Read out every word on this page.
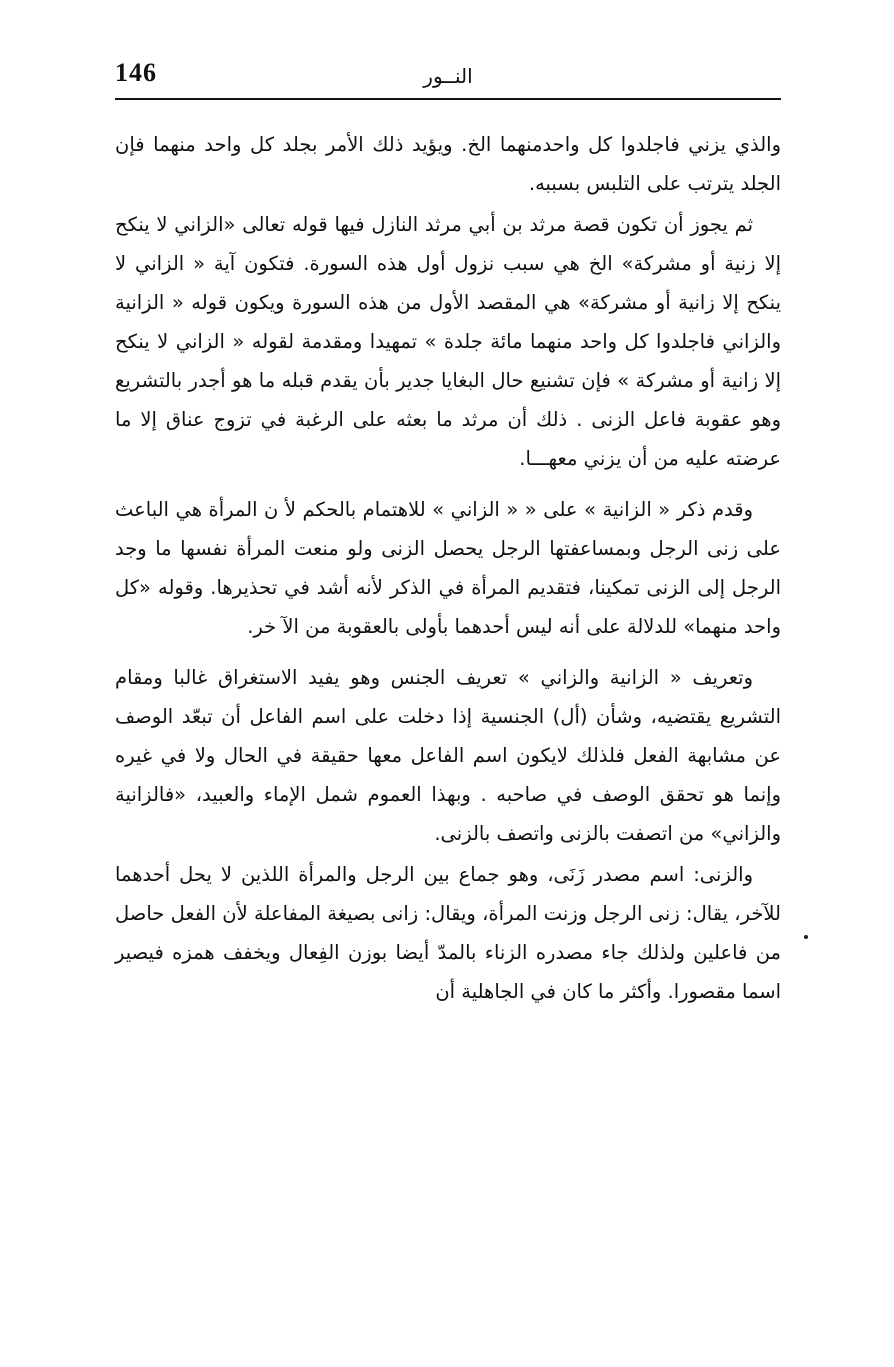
النــور
146

والذي يزني فاجلدوا كل واحدمنهما الخ. ويؤيد ذلك الأمر بجلد كل واحد منهما فإن الجلد يترتب على التلبس بسببه.

ثم يجوز أن تكون قصة مرثد بن أبي مرثد النازل فيها قوله تعالى «الزاني لا ينكح إلا زنية أو مشركة» الخ هي سبب نزول أول هذه السورة. فتكون آية « الزاني لا ينكح إلا زانية أو مشركة» هي المقصد الأول من هذه السورة ويكون قوله « الزانية والزاني فاجلدوا كل واحد منهما مائة جلدة » تمهيدا ومقدمة لقوله « الزاني لا ينكح إلا زانية أو مشركة » فإن تشنيع حال البغايا جدير بأن يقدم قبله ما هو أجدر بالتشريع وهو عقوبة فاعل الزنى . ذلك أن مرثد ما بعثه على الرغبة في تزوج عناق إلا ما عرضته عليه من أن يزني معهـــا.

وقدم ذكر « الزانية » على « « الزاني » للاهتمام بالحكم لأ ن المرأة هي الباعث على زنى الرجل وبمساعفتها الرجل يحصل الزنى ولو منعت المرأة نفسها ما وجد الرجل إلى الزنى تمكينا، فتقديم المرأة في الذكر لأنه أشد في تحذيرها. وقوله «كل واحد منهما» للدلالة على أنه ليس أحدهما بأولى بالعقوبة من الآ خر.

وتعريف « الزانية والزاني » تعريف الجنس وهو يفيد الاستغراق غالبا ومقام التشريع يقتضيه، وشأن (أل) الجنسية إذا دخلت على اسم الفاعل أن تبعّد الوصف عن مشابهة الفعل فلذلك لايكون اسم الفاعل معها حقيقة في الحال ولا في غيره وإنما هو تحقق الوصف في صاحبه . وبهذا العموم شمل الإماء والعبيد، «فالزانية والزاني» من اتصفت بالزنى واتصف بالزنى.

والزنى: اسم مصدر زَنَى، وهو جماع بين الرجل والمرأة اللذين لا يحل أحدهما للآخر، يقال: زنى الرجل وزنت المرأة، ويقال: زانى بصيغة المفاعلة لأن الفعل حاصل من فاعلين ولذلك جاء مصدره الزناء بالمدّ أيضا بوزن الفِعال ويخفف همزه فيصير اسما مقصورا. وأكثر ما كان في الجاهلية أن
